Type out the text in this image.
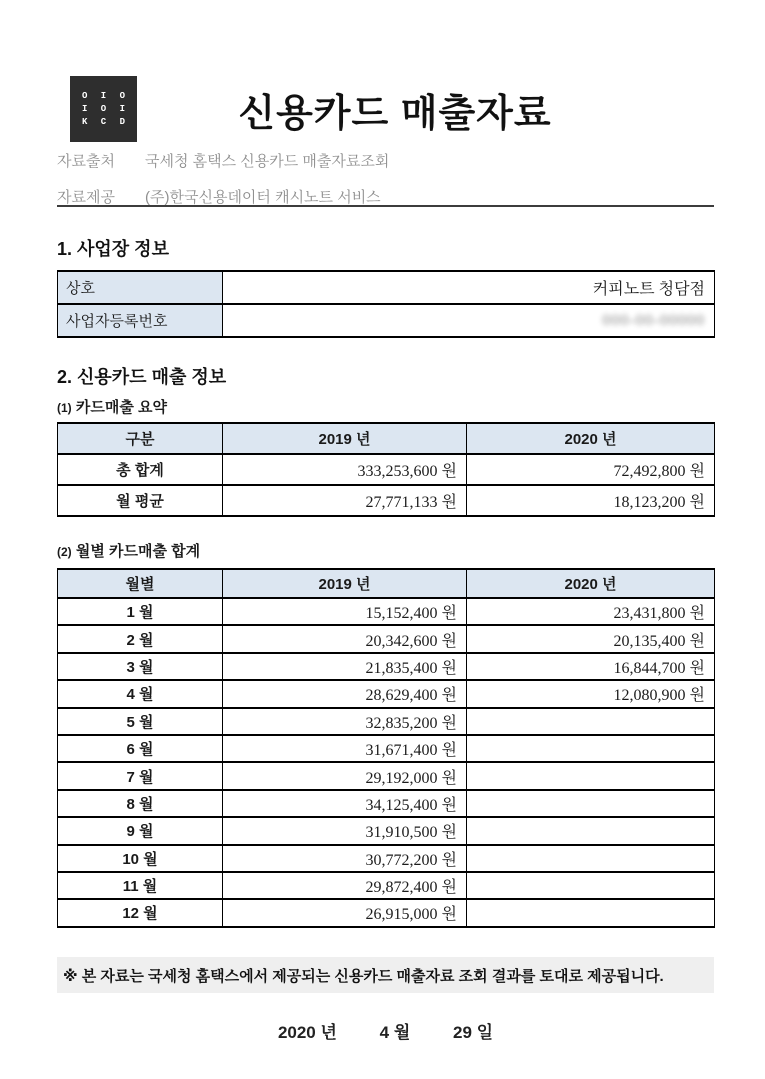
O I O
I O I
K C D	신용카드 매출자료
자료출처	국세청 홈택스 신용카드 매출자료조회
자료제공	(주)한국신용데이터 캐시노트 서비스
1. 사업장 정보
상호	커피노트 청담점
사업자등록번호	000-00-00000
2. 신용카드 매출 정보
(1) 카드매출 요약
구분	2019 년	2020 년
총 합계	333,253,600 원	72,492,800 원
월 평균	27,771,133 원	18,123,200 원
(2) 월별 카드매출 합계
월별	2019 년	2020 년
1 월	15,152,400 원	23,431,800 원
2 월	20,342,600 원	20,135,400 원
3 월	21,835,400 원	16,844,700 원
4 월	28,629,400 원	12,080,900 원
5 월	32,835,200 원	
6 월	31,671,400 원	
7 월	29,192,000 원	
8 월	34,125,400 원	
9 월	31,910,500 원	
10 월	30,772,200 원	
11 월	29,872,400 원	
12 월	26,915,000 원	
※ 본 자료는 국세청 홈택스에서 제공되는 신용카드 매출자료 조회 결과를 토대로 제공됩니다.
2020 년	4 월	29 일
